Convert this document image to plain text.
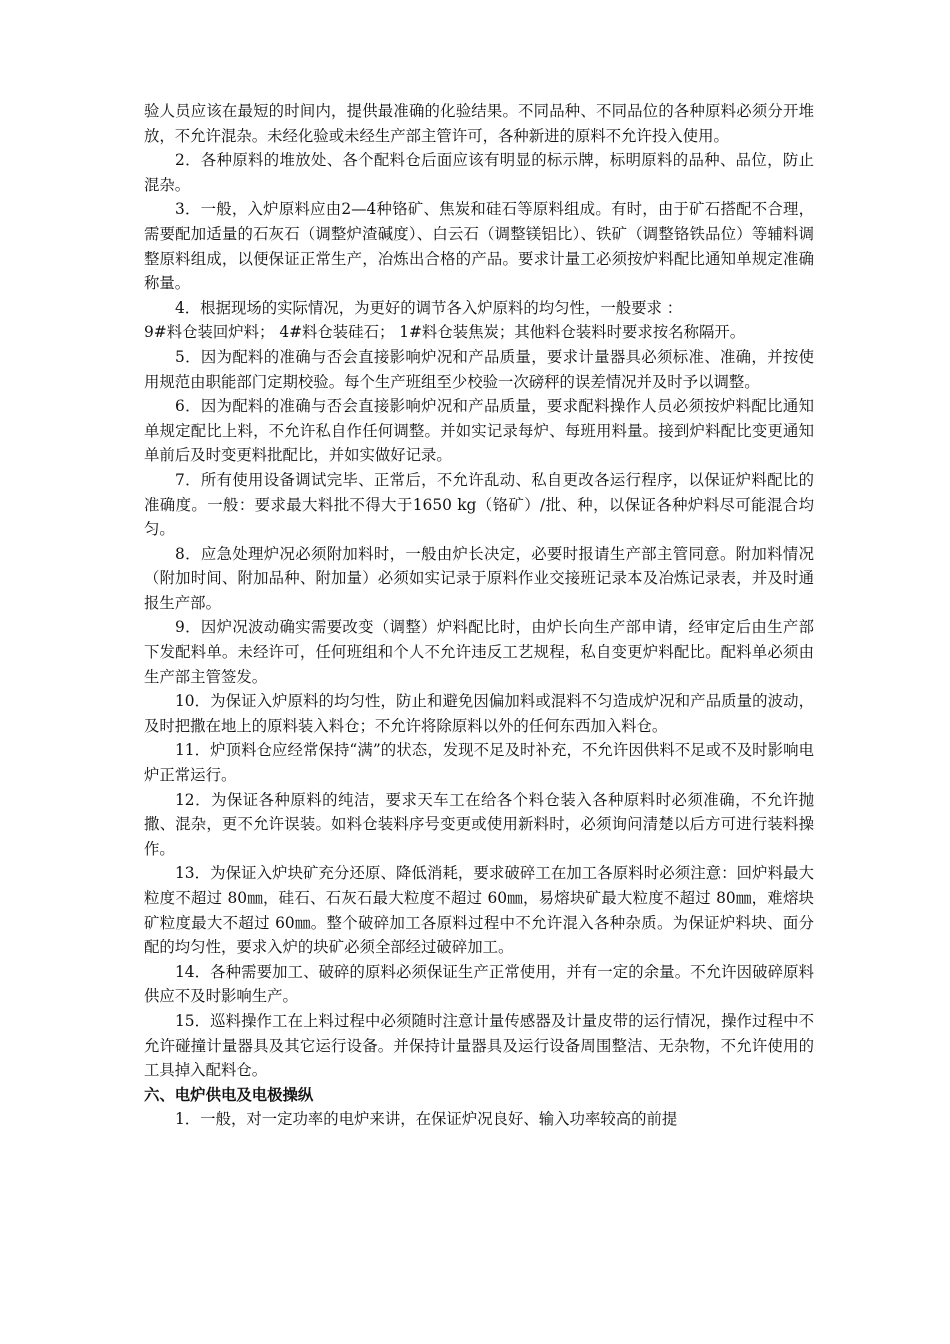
验人员应该在最短的时间内，提供最准确的化验结果。不同品种、不同品位的各种原料必须分开堆放，不允许混杂。未经化验或未经生产部主管许可，各种新进的原料不允许投入使用。

2．各种原料的堆放处、各个配料仓后面应该有明显的标示牌，标明原料的品种、品位，防止混杂。

3．一般，入炉原料应由2—4种铬矿、焦炭和硅石等原料组成。有时，由于矿石搭配不合理，需要配加适量的石灰石（调整炉渣碱度）、白云石（调整镁铝比）、铁矿（调整铬铁品位）等辅料调整原料组成，以便保证正常生产，冶炼出合格的产品。要求计量工必须按炉料配比通知单规定准确称量。

4．根据现场的实际情况，为更好的调节各入炉原料的均匀性，一般要求 ：

9#料仓装回炉料； 4#料仓装硅石； 1#料仓装焦炭；其他料仓装料时要求按名称隔开。

5．因为配料的准确与否会直接影响炉况和产品质量，要求计量器具必须标准、准确，并按使用规范由职能部门定期校验。每个生产班组至少校验一次磅秤的误差情况并及时予以调整。

6．因为配料的准确与否会直接影响炉况和产品质量，要求配料操作人员必须按炉料配比通知单规定配比上料，不允许私自作任何调整。并如实记录每炉、每班用料量。接到炉料配比变更通知单前后及时变更料批配比，并如实做好记录。

7．所有使用设备调试完毕、正常后，不允许乱动、私自更改各运行程序，以保证炉料配比的准确度。一般：要求最大料批不得大于1650 kg（铬矿）/批、种，以保证各种炉料尽可能混合均匀。

8．应急处理炉况必须附加料时，一般由炉长决定，必要时报请生产部主管同意。附加料情况（附加时间、附加品种、附加量）必须如实记录于原料作业交接班记录本及冶炼记录表，并及时通报生产部。

9．因炉况波动确实需要改变（调整）炉料配比时，由炉长向生产部申请，经审定后由生产部下发配料单。未经许可，任何班组和个人不允许违反工艺规程，私自变更炉料配比。配料单必须由生产部主管签发。

10．为保证入炉原料的均匀性，防止和避免因偏加料或混料不匀造成炉况和产品质量的波动，及时把撒在地上的原料装入料仓；不允许将除原料以外的任何东西加入料仓。

11．炉顶料仓应经常保持“满”的状态，发现不足及时补充，不允许因供料不足或不及时影响电炉正常运行。

12．为保证各种原料的纯洁，要求天车工在给各个料仓装入各种原料时必须准确，不允许抛撒、混杂，更不允许误装。如料仓装料序号变更或使用新料时，必须询问清楚以后方可进行装料操作。

13．为保证入炉块矿充分还原、降低消耗，要求破碎工在加工各原料时必须注意：回炉料最大粒度不超过 80㎜，硅石、石灰石最大粒度不超过 60㎜，易熔块矿最大粒度不超过 80㎜，难熔块矿粒度最大不超过 60㎜。整个破碎加工各原料过程中不允许混入各种杂质。为保证炉料块、面分配的均匀性，要求入炉的块矿必须全部经过破碎加工。

14．各种需要加工、破碎的原料必须保证生产正常使用，并有一定的余量。不允许因破碎原料供应不及时影响生产。

15．巡料操作工在上料过程中必须随时注意计量传感器及计量皮带的运行情况，操作过程中不允许碰撞计量器具及其它运行设备。并保持计量器具及运行设备周围整洁、无杂物，不允许使用的工具掉入配料仓。

六、电炉供电及电极操纵

1．一般，对一定功率的电炉来讲，在保证炉况良好、输入功率较高的前提
